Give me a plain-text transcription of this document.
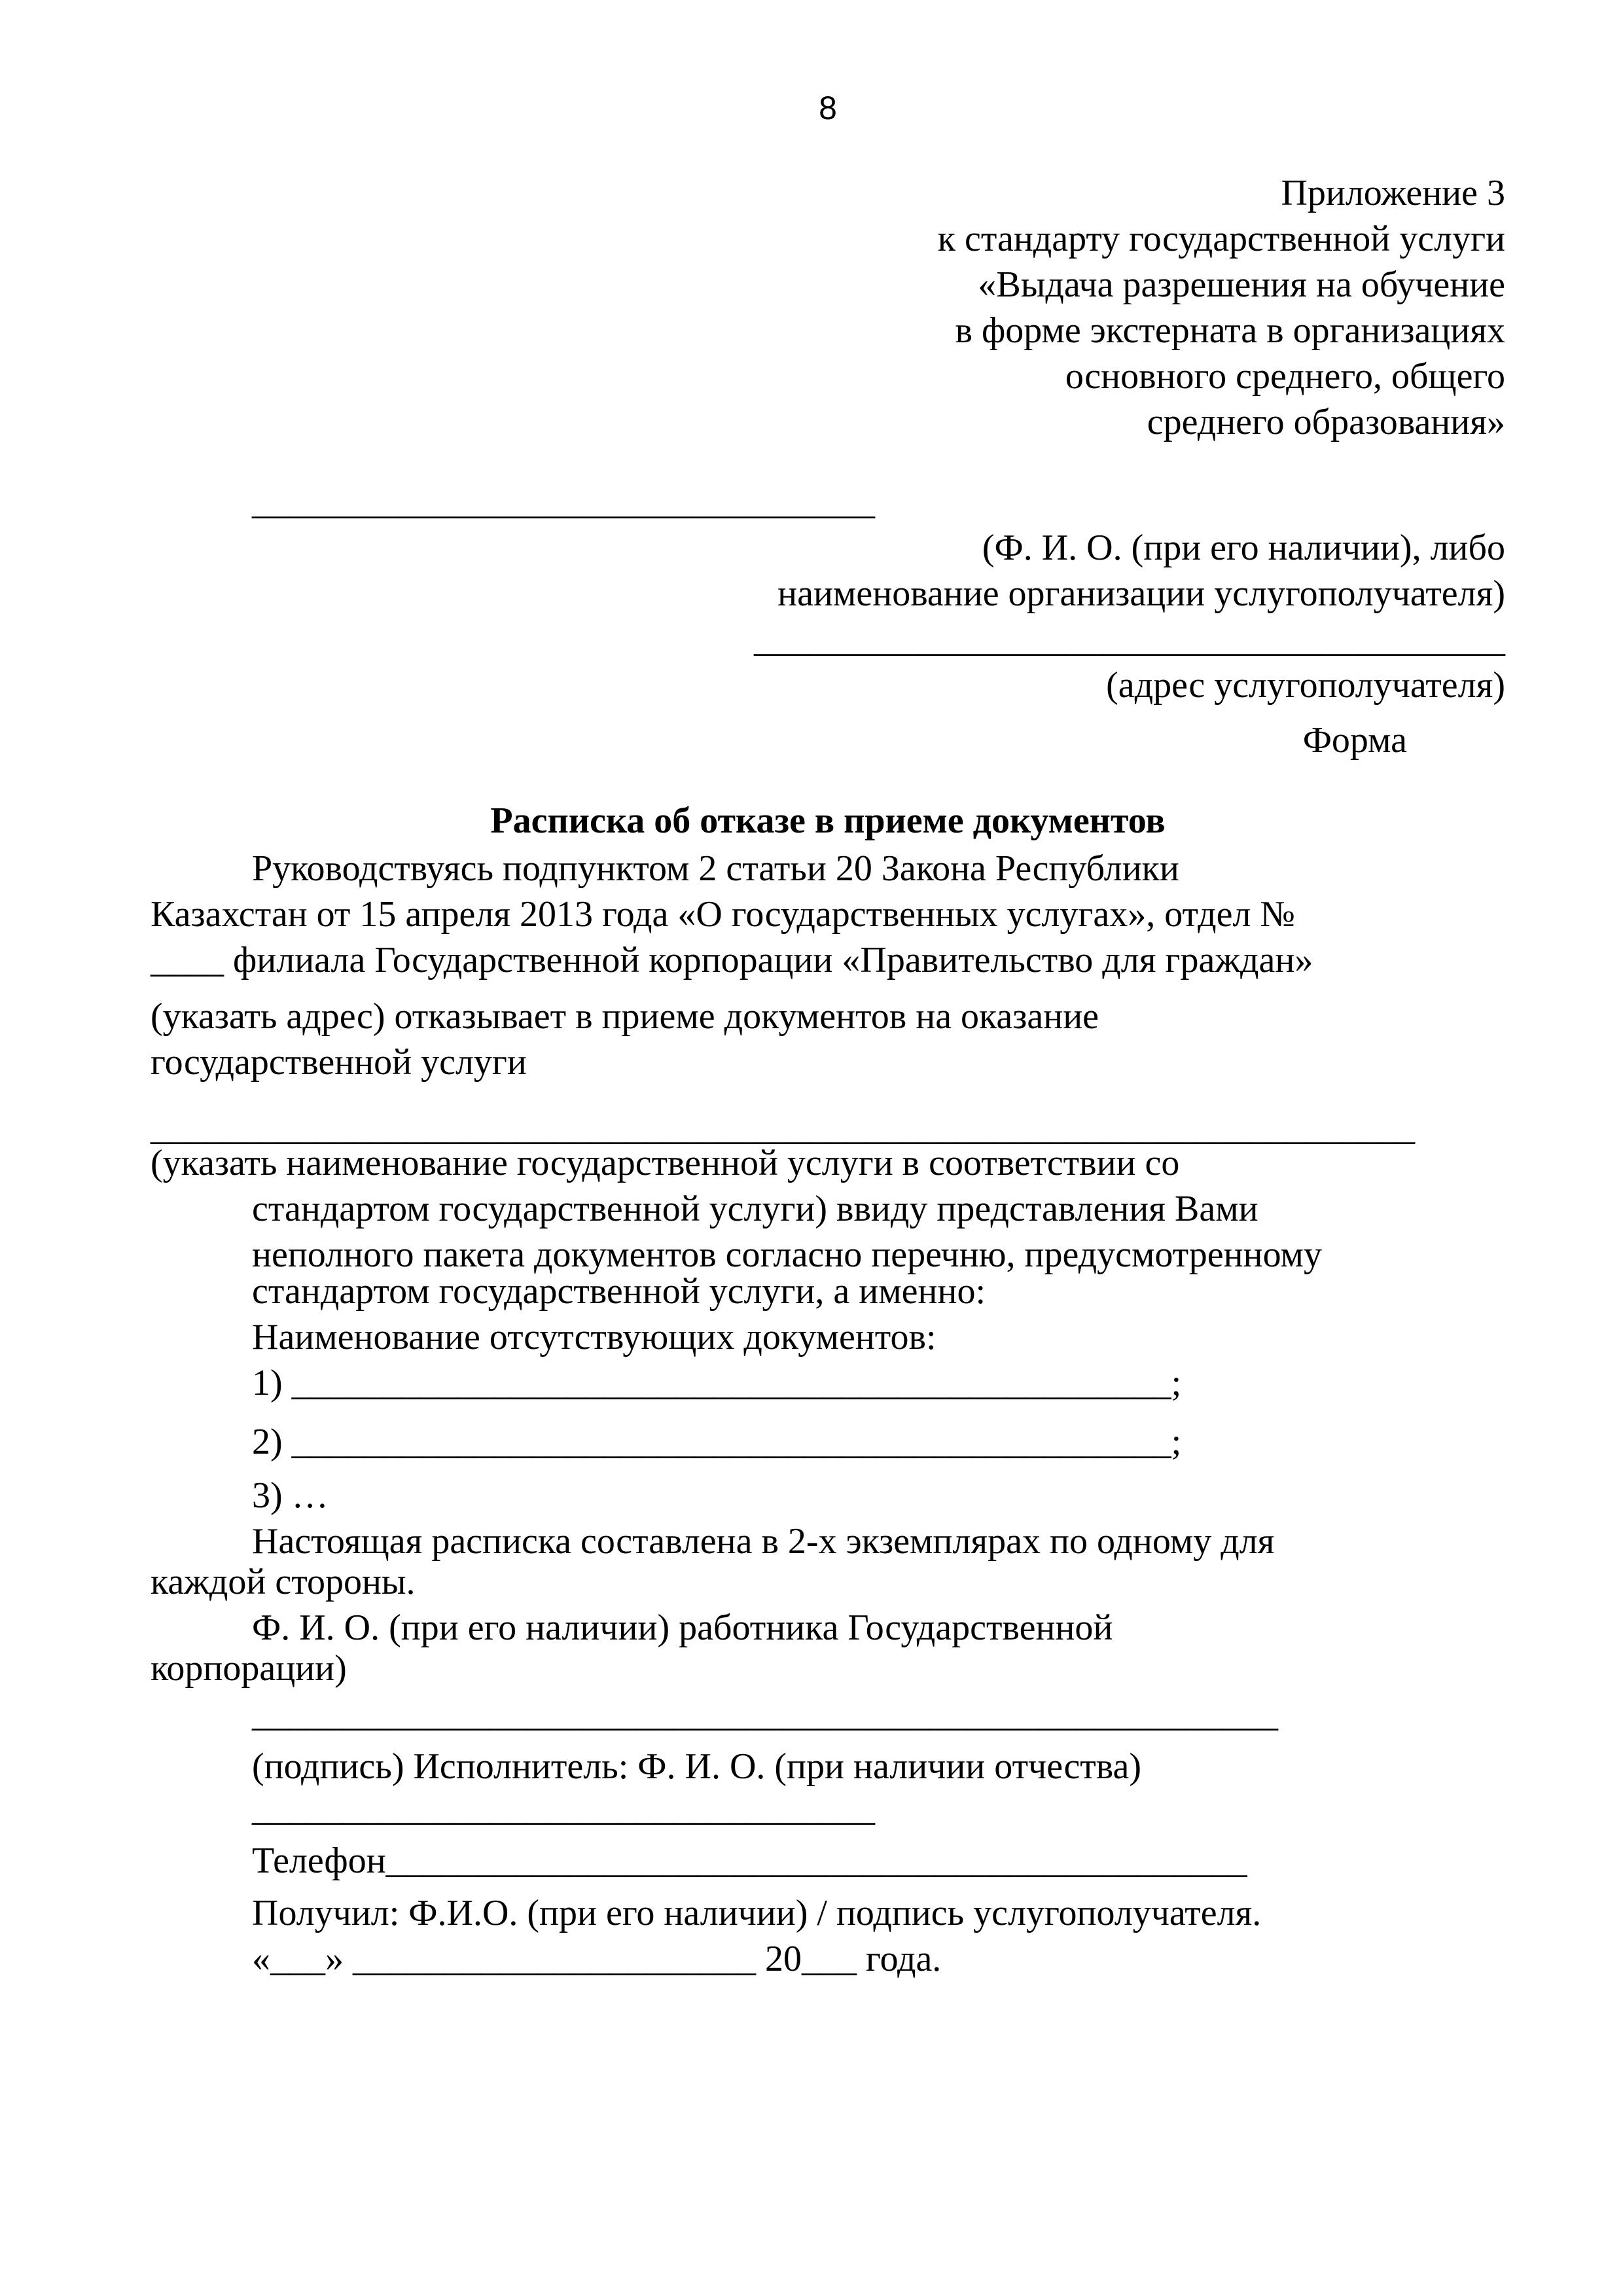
8
Приложение 3
к стандарту государственной услуги
«Выдача разрешения на обучение
в форме экстерната в организациях
основного среднего, общего
среднего образования»
__________________________________
(Ф. И. О. (при его наличии), либо
наименование организации услугополучателя)
_________________________________________
(адрес услугополучателя)
Форма
Расписка об отказе в приеме документов
Руководствуясь подпунктом 2 статьи 20 Закона Республики
Казахстан от 15 апреля 2013 года «О государственных услугах», отдел №
____ филиала Государственной корпорации «Правительство для граждан»
(указать адрес) отказывает в приеме документов на оказание
государственной услуги
_____________________________________________________________________
(указать наименование государственной услуги в соответствии со
стандартом государственной услуги) ввиду представления Вами
неполного пакета документов согласно перечню, предусмотренному
стандартом государственной услуги, а именно:
Наименование отсутствующих документов:
1) ________________________________________________;
2) ________________________________________________;
3) …
Настоящая расписка составлена в 2-х экземплярах по одному для
каждой стороны.
Ф. И. О. (при его наличии) работника Государственной
корпорации)
________________________________________________________
(подпись) Исполнитель: Ф. И. О. (при наличии отчества)
__________________________________
Телефон_______________________________________________
Получил: Ф.И.О. (при его наличии) / подпись услугополучателя.
«___» ______________________ 20___ года.
